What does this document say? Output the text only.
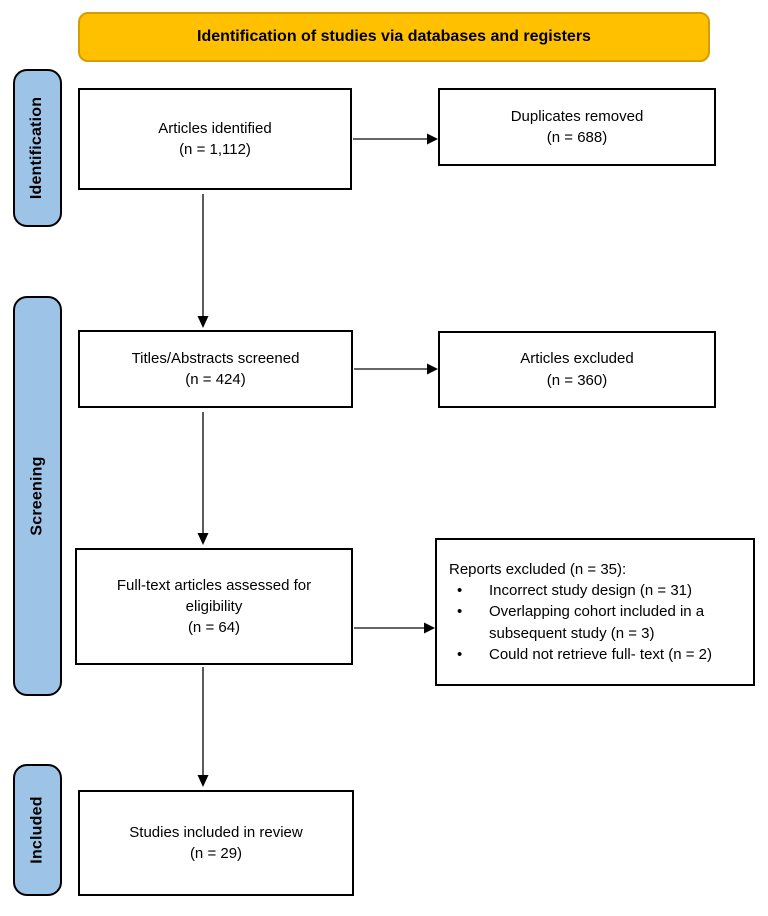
Identification of studies via databases and registers
Identification
Screening
Included
Articles identified
(n = 1,112)
Duplicates removed
(n = 688)
Titles/Abstracts screened
(n = 424)
Articles excluded
(n = 360)
Full-text articles assessed for eligibility
(n = 64)
Reports excluded (n = 35):
• Incorrect study design (n = 31)
• Overlapping cohort included in a subsequent study (n = 3)
• Could not retrieve full- text (n = 2)
Studies included in review
(n = 29)
